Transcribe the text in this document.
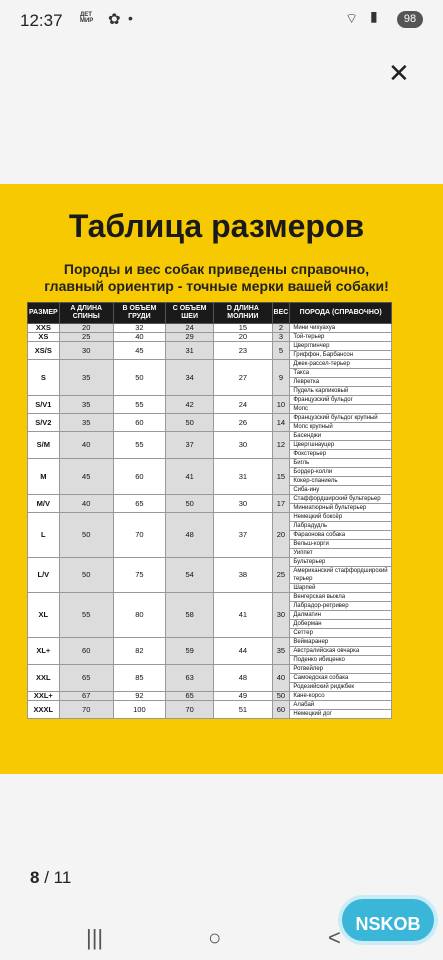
12:37	ДЕТ МИР ✿ •	⌔ ▮	98
✕
Таблица размеров
Породы и вес собак приведены справочно,
главный ориентир - точные мерки вашей собаки!
РАЗМЕР	A ДЛИНА СПИНЫ	B ОБЪЕМ ГРУДИ	C ОБЪЕМ ШЕИ	D ДЛИНА МОЛНИИ	ВЕС	ПОРОДА (СПРАВОЧНО)
XXS	20	32	24	15	2	Мини чихуахуа
XS	25	40	29	20	3	Той-терьер
XS/S	30	45	31	23	5	Цвергпинчер
						Гриффон, Барбансон
S	35	50	34	27	9	Джек-рассел-терьер
						Такса
						Левретка
						Пудель карликовый
S/V1	35	55	42	24	10	Французский бульдог
						Мопс
S/V2	35	60	50	26	14	Французский бульдог крупный
						Мопс крупный
S/M	40	55	37	30	12	Басенджи
						Цвергшнауцер
						Фокстерьер
M	45	60	41	31	15	Бигль
						Бордер-колли
						Кокер-спаниель
						Сиба-ину
M/V	40	65	50	30	17	Стаффордширский бультерьер
						Миниатюрный бультерьер
L	50	70	48	37	20	Немецкий боксёр
						Лабрадудль
						Фараонова собака
						Вельш-корги
						Уиппет
L/V	50	75	54	38	25	Бультерьер
						Американский стаффордширский терьер
						Шарпей
XL	55	80	58	41	30	Венгерская выжла
						Лабрадор-ретривер
						Далматин
						Доберман
						Сеттер
XL+	60	82	59	44	35	Веймаранер
						Австралийская овчарка
						Поденко ибиценко
XXL	65	85	63	48	40	Ротвейлер
						Самоедская собака
						Родезийский риджбек
XXL+	67	92	65	49	50	Кане-корсо
XXXL	70	100	70	51	60	Алабай
						Немецкий дог
8 / 11
|||	○	<
NSKOB
